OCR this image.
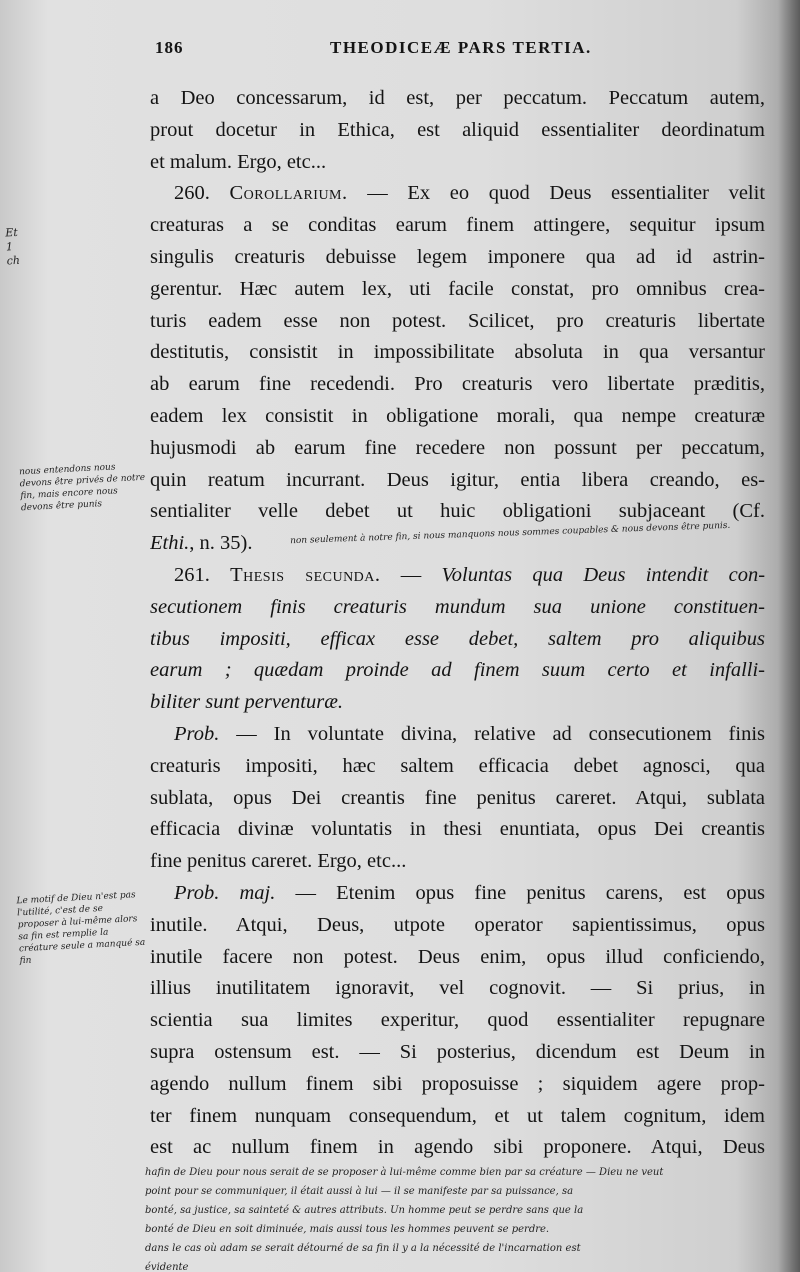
186	THEODICEÆ PARS TERTIA.
a Deo concessarum, id est, per peccatum. Peccatum autem,
prout docetur in Ethica, est aliquid essentialiter deordinatum
et malum. Ergo, etc...
260. Corollarium. — Ex eo quod Deus essentialiter velit
creaturas a se conditas earum finem attingere, sequitur ipsum
singulis creaturis debuisse legem imponere qua ad id astrin-
gerentur. Hæc autem lex, uti facile constat, pro omnibus crea-
turis eadem esse non potest. Scilicet, pro creaturis libertate
destitutis, consistit in impossibilitate absoluta in qua versantur
ab earum fine recedendi. Pro creaturis vero libertate præditis,
eadem lex consistit in obligatione morali, qua nempe creaturæ
hujusmodi ab earum fine recedere non possunt per peccatum,
quin reatum incurrant. Deus igitur, entia libera creando, es-
sentialiter velle debet ut huic obligationi subjaceant (Cf.
Ethi., n. 35).
261. Thesis secunda. — Voluntas qua Deus intendit con-
secutionem finis creaturis mundum sua unione constituen-
tibus impositi, efficax esse debet, saltem pro aliquibus
earum ; quædam proinde ad finem suum certo et infalli-
biliter sunt perventuræ.
Prob. — In voluntate divina, relative ad consecutionem finis
creaturis impositi, hæc saltem efficacia debet agnosci, qua
sublata, opus Dei creantis fine penitus careret. Atqui, sublata
efficacia divinæ voluntatis in thesi enuntiata, opus Dei creantis
fine penitus careret. Ergo, etc...
Prob. maj. — Etenim opus fine penitus carens, est opus
inutile. Atqui, Deus, utpote operator sapientissimus, opus
inutile facere non potest. Deus enim, opus illud conficiendo,
illius inutilitatem ignoravit, vel cognovit. — Si prius, in
scientia sua limites experitur, quod essentialiter repugnare
supra ostensum est. — Si posterius, dicendum est Deum in
agendo nullum finem sibi proposuisse ; siquidem agere prop-
ter finem nunquam consequendum, et ut talem cognitum, idem
est ac nullum finem in agendo sibi proponere. Atqui, Deus
Et 1 ch
nous entendons nous devons être privés de notre fin, mais encore nous devons être punis
non seulement à notre fin, si nous manquons nous sommes coupables & nous devons être punis.
Le motif de Dieu n'est pas l'utilité, c'est de se proposer à lui-même alors sa fin est remplie la créature seule a manqué sa fin
hafin de Dieu pour nous serait de se proposer à lui-même comme bien par sa créature — Dieu ne veut
point pour se communiquer, il était aussi à lui — il se manifeste par sa puissance, sa
bonté, sa justice, sa sainteté & autres attributs. Un homme peut se perdre sans que la
bonté de Dieu en soit diminuée, mais aussi tous les hommes peuvent se perdre.
dans le cas où adam se serait détourné de sa fin il y a la nécessité de l'incarnation est
évidente
